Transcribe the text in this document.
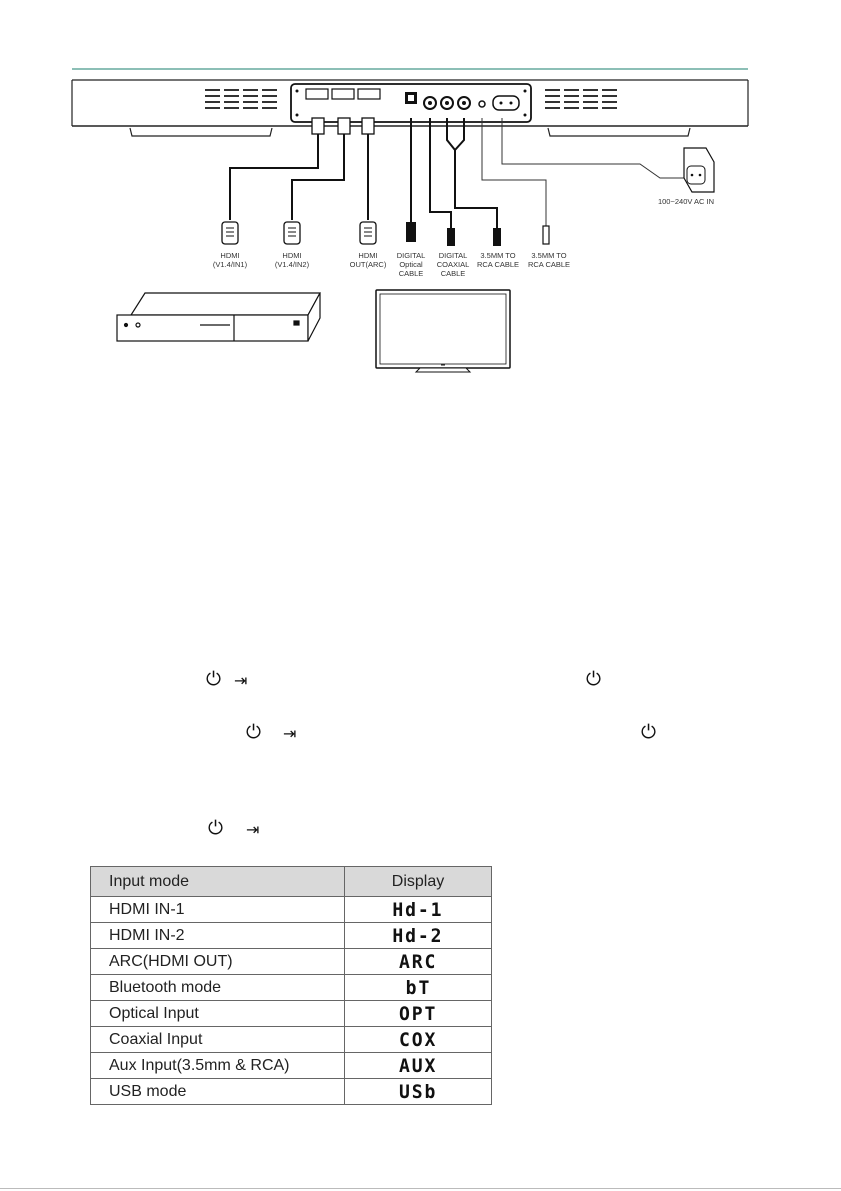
100~240V AC IN
HDMI
(V1.4/IN1)
HDMI
(V1.4/IN2)
HDMI
OUT(ARC)
DIGITAL
Optical
CABLE
DIGITAL
COAXIAL
CABLE
3.5MM TO
RCA CABLE
3.5MM TO
RCA CABLE
⏻ ⇥	⏻
⏻ ⇥	⏻
⏻ ⇥
Input mode	Display
HDMI IN-1	Hd-1
HDMI IN-2	Hd-2
ARC(HDMI OUT)	ARC
Bluetooth mode	bT
Optical Input	OPT
Coaxial Input	COX
Aux Input(3.5mm & RCA)	AUX
USB mode	USb
